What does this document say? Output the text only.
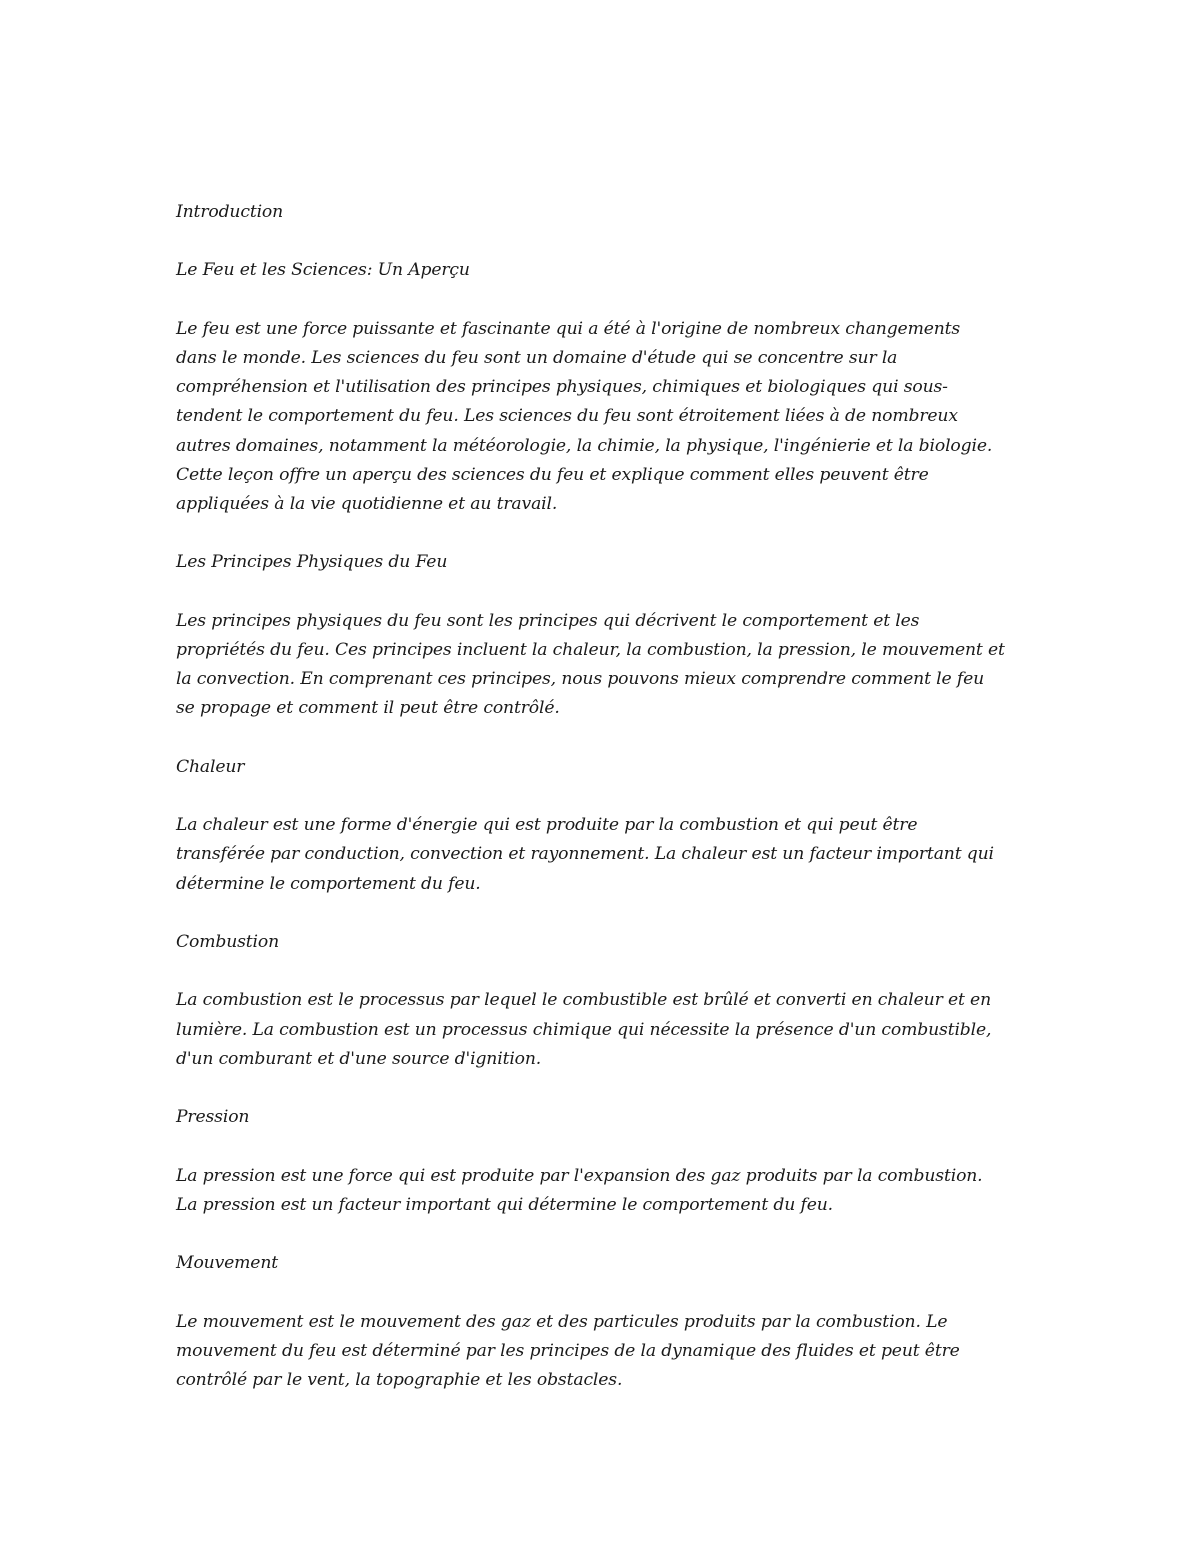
Introduction
Le Feu et les Sciences: Un Aperçu
Le feu est une force puissante et fascinante qui a été à l'origine de nombreux changements
dans le monde. Les sciences du feu sont un domaine d'étude qui se concentre sur la
compréhension et l'utilisation des principes physiques, chimiques et biologiques qui sous-
tendent le comportement du feu. Les sciences du feu sont étroitement liées à de nombreux
autres domaines, notamment la météorologie, la chimie, la physique, l'ingénierie et la biologie.
Cette leçon offre un aperçu des sciences du feu et explique comment elles peuvent être
appliquées à la vie quotidienne et au travail.
Les Principes Physiques du Feu
Les principes physiques du feu sont les principes qui décrivent le comportement et les
propriétés du feu. Ces principes incluent la chaleur, la combustion, la pression, le mouvement et
la convection. En comprenant ces principes, nous pouvons mieux comprendre comment le feu
se propage et comment il peut être contrôlé.
Chaleur
La chaleur est une forme d'énergie qui est produite par la combustion et qui peut être
transférée par conduction, convection et rayonnement. La chaleur est un facteur important qui
détermine le comportement du feu.
Combustion
La combustion est le processus par lequel le combustible est brûlé et converti en chaleur et en
lumière. La combustion est un processus chimique qui nécessite la présence d'un combustible,
d'un comburant et d'une source d'ignition.
Pression
La pression est une force qui est produite par l'expansion des gaz produits par la combustion.
La pression est un facteur important qui détermine le comportement du feu.
Mouvement
Le mouvement est le mouvement des gaz et des particules produits par la combustion. Le
mouvement du feu est déterminé par les principes de la dynamique des fluides et peut être
contrôlé par le vent, la topographie et les obstacles.
